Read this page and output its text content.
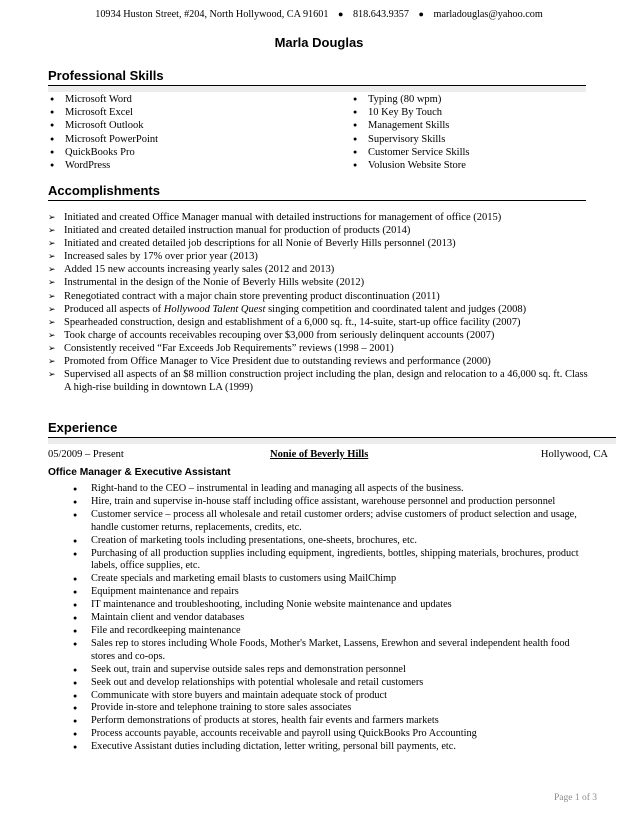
10934 Huston Street, #204, North Hollywood, CA 91601 ● 818.643.9357 ● marladouglas@yahoo.com
Marla Douglas
Professional Skills
● Microsoft Word
● Microsoft Excel
● Microsoft Outlook
● Microsoft PowerPoint
● QuickBooks Pro
● WordPress
● Typing (80 wpm)
● 10 Key By Touch
● Management Skills
● Supervisory Skills
● Customer Service Skills
● Volusion Website Store
Accomplishments
➢ Initiated and created Office Manager manual with detailed instructions for management of office (2015)
➢ Initiated and created detailed instruction manual for production of products (2014)
➢ Initiated and created detailed job descriptions for all Nonie of Beverly Hills personnel (2013)
➢ Increased sales by 17% over prior year (2013)
➢ Added 15 new accounts increasing yearly sales (2012 and 2013)
➢ Instrumental in the design of the Nonie of Beverly Hills website (2012)
➢ Renegotiated contract with a major chain store preventing product discontinuation (2011)
➢ Produced all aspects of Hollywood Talent Quest singing competition and coordinated talent and judges (2008)
➢ Spearheaded construction, design and establishment of a 6,000 sq. ft., 14-suite, start-up office facility (2007)
➢ Took charge of accounts receivables recouping over $3,000 from seriously delinquent accounts (2007)
➢ Consistently received “Far Exceeds Job Requirements” reviews (1998 – 2001)
➢ Promoted from Office Manager to Vice President due to outstanding reviews and performance (2000)
➢ Supervised all aspects of an $8 million construction project including the plan, design and relocation to a 46,000 sq. ft. Class A high-rise building in downtown LA (1999)
Experience
05/2009 – Present	Nonie of Beverly Hills	Hollywood, CA
Office Manager & Executive Assistant
● Right-hand to the CEO – instrumental in leading and managing all aspects of the business.
● Hire, train and supervise in-house staff including office assistant, warehouse personnel and production personnel
● Customer service – process all wholesale and retail customer orders; advise customers of product selection and usage, handle customer returns, replacements, credits, etc.
● Creation of marketing tools including presentations, one-sheets, brochures, etc.
● Purchasing of all production supplies including equipment, ingredients, bottles, shipping materials, brochures, product labels, office supplies, etc.
● Create specials and marketing email blasts to customers using MailChimp
● Equipment maintenance and repairs
● IT maintenance and troubleshooting, including Nonie website maintenance and updates
● Maintain client and vendor databases
● File and recordkeeping maintenance
● Sales rep to stores including Whole Foods, Mother's Market, Lassens, Erewhon and several independent health food stores and co-ops.
● Seek out, train and supervise outside sales reps and demonstration personnel
● Seek out and develop relationships with potential wholesale and retail customers
● Communicate with store buyers and maintain adequate stock of product
● Provide in-store and telephone training to store sales associates
● Perform demonstrations of products at stores, health fair events and farmers markets
● Process accounts payable, accounts receivable and payroll using QuickBooks Pro Accounting
● Executive Assistant duties including dictation, letter writing, personal bill payments, etc.
Page 1 of 3
